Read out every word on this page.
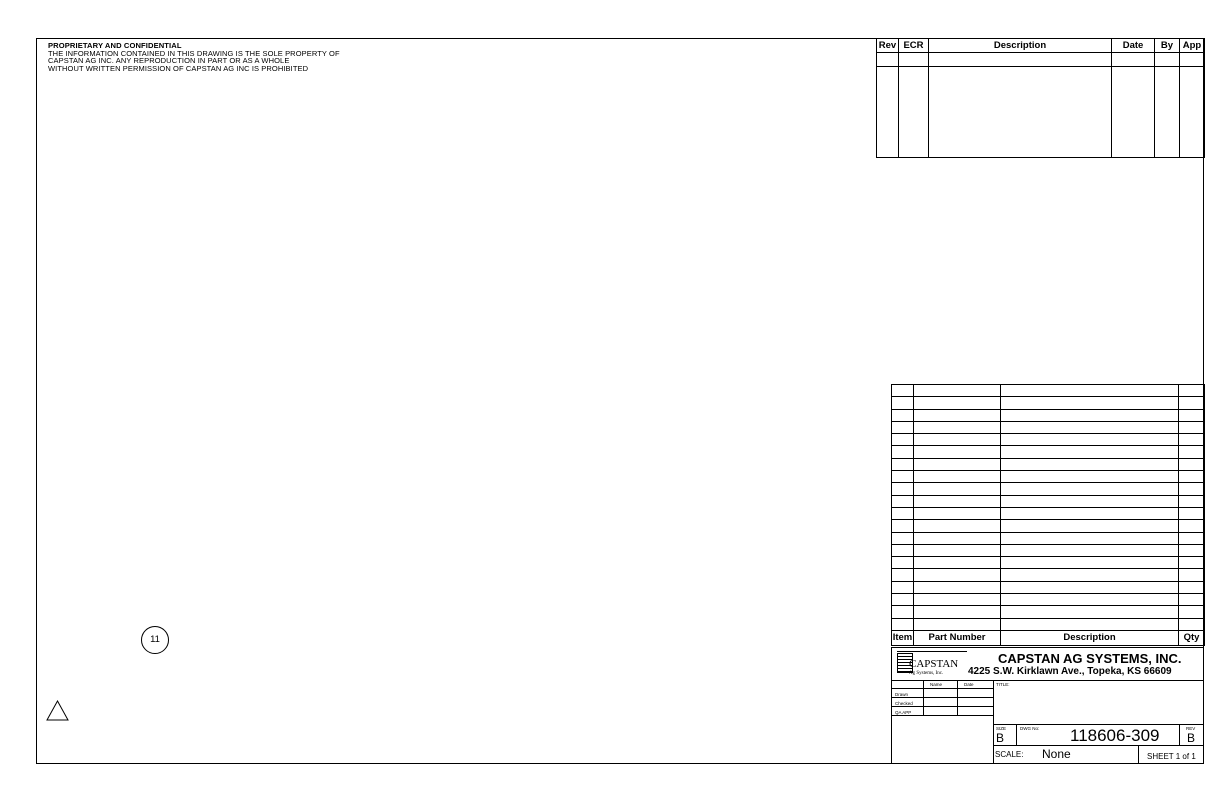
PROPRIETARY AND CONFIDENTIAL
THE INFORMATION CONTAINED IN THIS DRAWING IS THE SOLE PROPERTY OF
CAPSTAN AG INC. ANY REPRODUCTION IN PART OR AS A WHOLE
WITHOUT WRITTEN PERMISSION OF CAPSTAN AG INC IS PROHIBITED
Rev	ECR	Description	Date	By	App

Item	Part Number	Description	Qty
CAPSTAN
Ag Systems, Inc.
CAPSTAN AG SYSTEMS, INC.
4225 S.W. Kirklawn Ave., Topeka, KS 66609
Name	Date	TITLE:
Drawn
Checked
QA APP
SIZE
B
DWG No: 118606-309	REV
B
SCALE: None	SHEET 1 of 1
11
